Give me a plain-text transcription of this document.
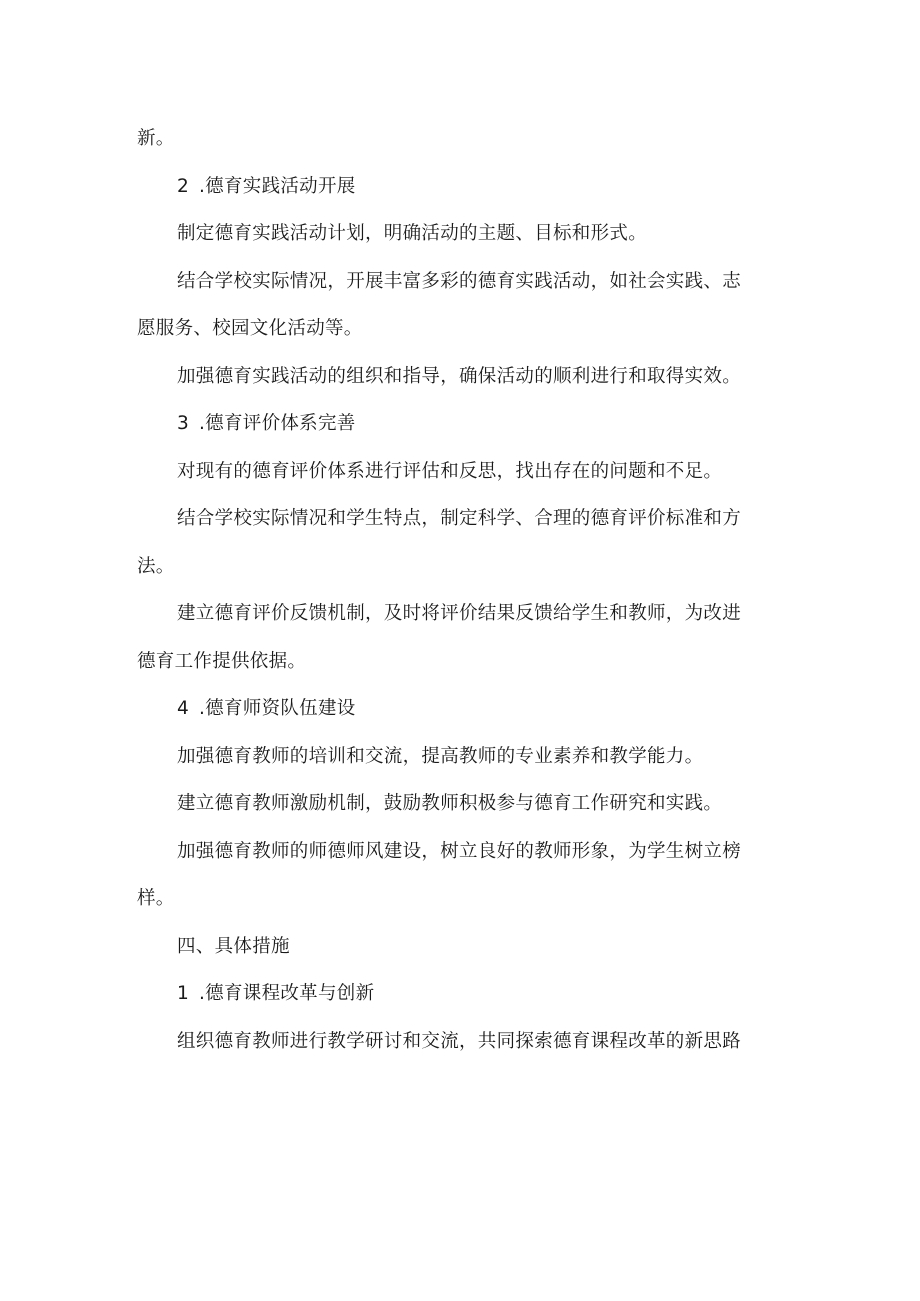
新。
2 .德育实践活动开展
制定德育实践活动计划，明确活动的主题、目标和形式。
结合学校实际情况，开展丰富多彩的德育实践活动，如社会实践、志
愿服务、校园文化活动等。
加强德育实践活动的组织和指导，确保活动的顺利进行和取得实效。
3 .德育评价体系完善
对现有的德育评价体系进行评估和反思，找出存在的问题和不足。
结合学校实际情况和学生特点，制定科学、合理的德育评价标准和方
法。
建立德育评价反馈机制，及时将评价结果反馈给学生和教师，为改进
德育工作提供依据。
4 .德育师资队伍建设
加强德育教师的培训和交流，提高教师的专业素养和教学能力。
建立德育教师激励机制，鼓励教师积极参与德育工作研究和实践。
加强德育教师的师德师风建设，树立良好的教师形象，为学生树立榜
样。
四、具体措施
1 .德育课程改革与创新
组织德育教师进行教学研讨和交流，共同探索德育课程改革的新思路
